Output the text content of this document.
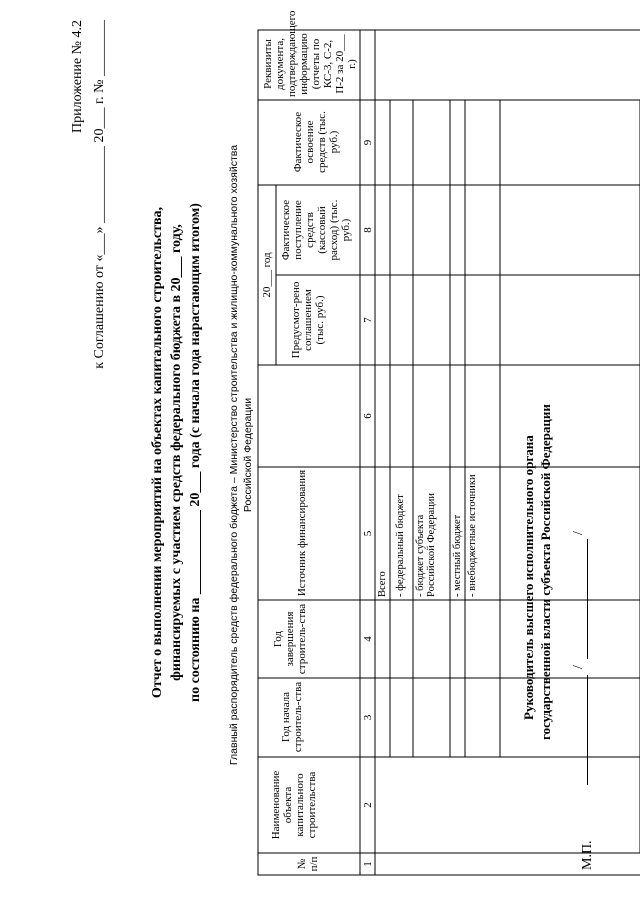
Приложение № 4.2 к Соглашению от «___» ___________ 20___ г. № ________
Отчет о выполнении мероприятий на объектах капитального строительства, финансируемых с участием средств федерального бюджета в 20___ году, по состоянию на ____________ 20___ года (с начала года нарастающим итогом) Главный распорядитель средств федерального бюджета – Министерство строительства и жилищно-коммунального хозяйства Российской Федерации
№ п/п
Наименование объекта капитального строительства
Год начала строитель-ства
Год завершения строитель-ства
Источник финансирования
20___ год
Предусмот-рено соглашением (тыс. руб.)
Фактическое поступление средств (кассовый расход) (тыс. руб.)
Фактическое освоение средств (тыс. руб.)
Реквизиты документа, подтверждающего информацию (отчеты по КС-3, С-2, П-2 за 20___ г.)
1
2
3
4
5
6
7
8
9
Всего - федеральный бюджет - бюджет субъекта Российской Федерации - местный бюджет - внебюджетные источники	Руководитель высшего исполнительного органа государственной власти субъекта Российской Федерации /
/
М.П.
